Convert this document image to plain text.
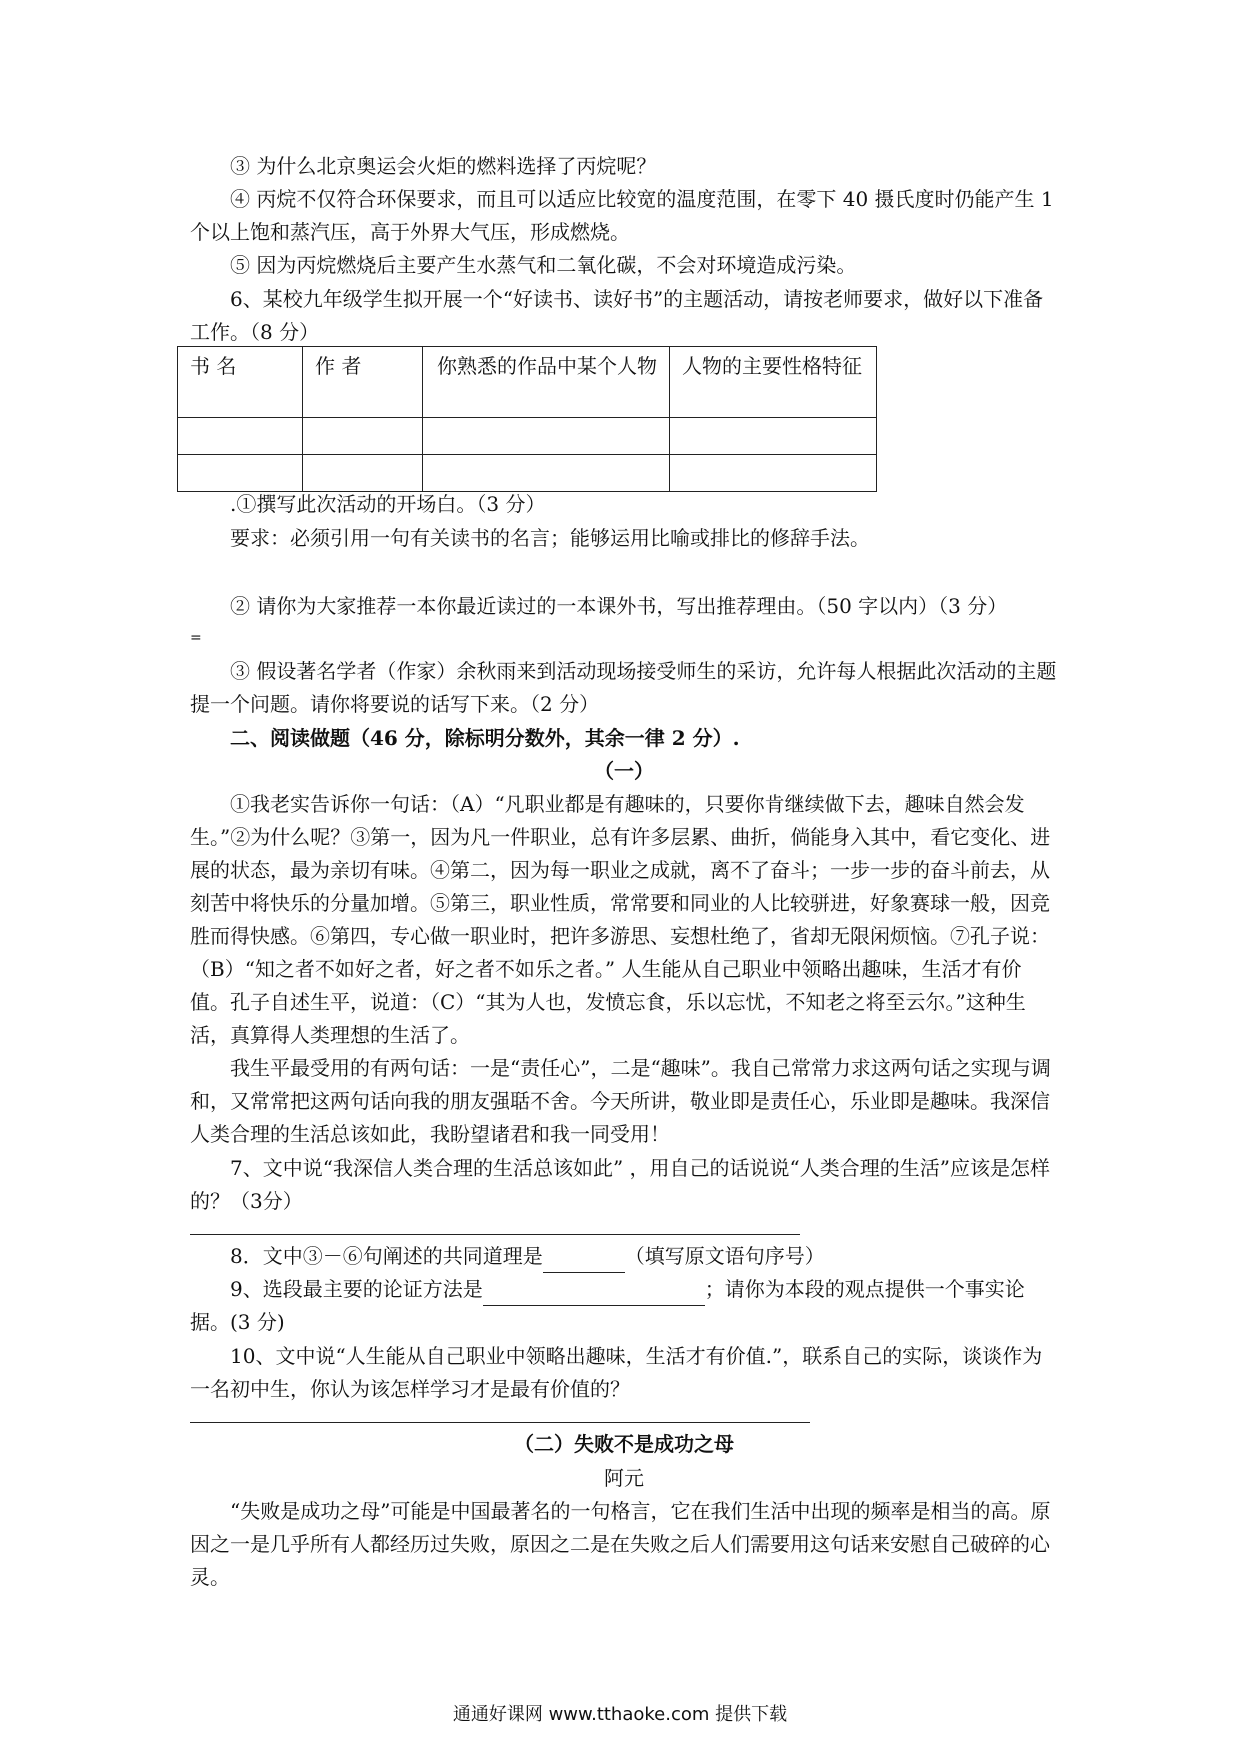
③ 为什么北京奥运会火炬的燃料选择了丙烷呢？

④ 丙烷不仅符合环保要求，而且可以适应比较宽的温度范围，在零下 40 摄氏度时仍能产生 1 个以上饱和蒸汽压，高于外界大气压，形成燃烧。

⑤ 因为丙烷燃烧后主要产生水蒸气和二氧化碳，不会对环境造成污染。

6、某校九年级学生拟开展一个“好读书、读好书”的主题活动，请按老师要求，做好以下准备工作。（8 分）

书 名	作 者	你熟悉的作品中某个人物	人物的主要性格特征

.①撰写此次活动的开场白。（3 分）

要求：必须引用一句有关读书的名言；能够运用比喻或排比的修辞手法。

② 请你为大家推荐一本你最近读过的一本课外书，写出推荐理由。（50 字以内）（3 分）

=

③ 假设著名学者（作家）余秋雨来到活动现场接受师生的采访，允许每人根据此次活动的主题提一个问题。请你将要说的话写下来。（2 分）

二、阅读做题（46 分，除标明分数外，其余一律 2 分）.

（一）

①我老实告诉你一句话：（A）“凡职业都是有趣味的，只要你肯继续做下去，趣味自然会发生。”②为什么呢？③第一，因为凡一件职业，总有许多层累、曲折，倘能身入其中，看它变化、进展的状态，最为亲切有味。④第二，因为每一职业之成就，离不了奋斗；一步一步的奋斗前去，从刻苦中将快乐的分量加增。⑤第三，职业性质，常常要和同业的人比较骈进，好象赛球一般，因竞胜而得快感。⑥第四，专心做一职业时，把许多游思、妄想杜绝了，省却无限闲烦恼。⑦孔子说：（B）“知之者不如好之者，好之者不如乐之者。” 人生能从自己职业中领略出趣味，生活才有价值。孔子自述生平，说道：（C）“其为人也，发愤忘食，乐以忘忧，不知老之将至云尔。”这种生活，真算得人类理想的生活了。

我生平最受用的有两句话：一是“责任心”，二是“趣味”。我自己常常力求这两句话之实现与调和，又常常把这两句话向我的朋友强聒不舍。今天所讲，敬业即是责任心，乐业即是趣味。我深信人类合理的生活总该如此，我盼望诸君和我一同受用！

7、文中说“我深信人类合理的生活总该如此” ，用自己的话说说“人类合理的生活”应该是怎样的？（3分）

8．文中③－⑥句阐述的共同道理是	（填写原文语句序号）

9、选段最主要的论证方法是	；请你为本段的观点提供一个事实论据。(3 分)

10、文中说“人生能从自己职业中领略出趣味，生活才有价值.”，联系自己的实际，谈谈作为一名初中生，你认为该怎样学习才是最有价值的？

（二）失败不是成功之母

阿元

“失败是成功之母”可能是中国最著名的一句格言，它在我们生活中出现的频率是相当的高。原因之一是几乎所有人都经历过失败，原因之二是在失败之后人们需要用这句话来安慰自己破碎的心灵。

通通好课网 www.tthaoke.com 提供下载
